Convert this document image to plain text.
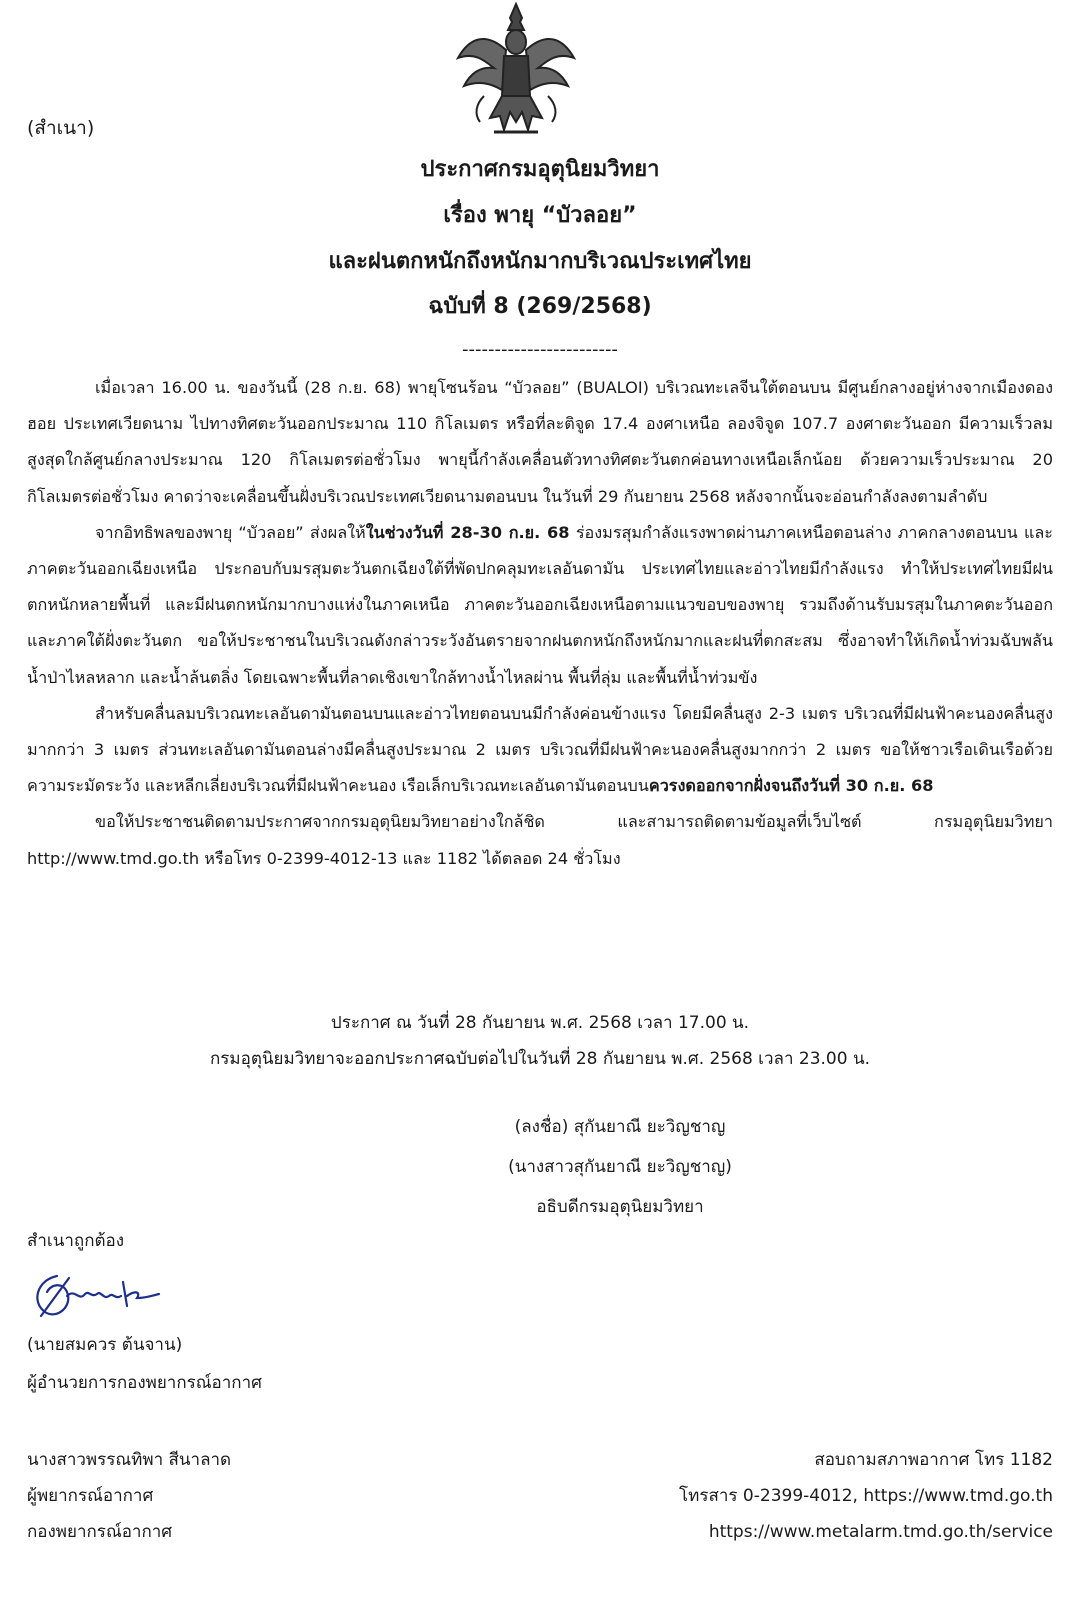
(สำเนา)
ประกาศกรมอุตุนิยมวิทยา
เรื่อง พายุ “บัวลอย”
และฝนตกหนักถึงหนักมากบริเวณประเทศไทย
ฉบับที่ 8 (269/2568)
------------------------

เมื่อเวลา 16.00 น. ของวันนี้ (28 ก.ย. 68) พายุโซนร้อน “บัวลอย” (BUALOI) บริเวณทะเลจีนใต้ตอนบน มีศูนย์กลางอยู่ห่างจากเมืองดองฮอย ประเทศเวียดนาม ไปทางทิศตะวันออกประมาณ 110 กิโลเมตร หรือที่ละติจูด 17.4 องศาเหนือ ลองจิจูด 107.7 องศาตะวันออก มีความเร็วลมสูงสุดใกล้ศูนย์กลางประมาณ 120 กิโลเมตรต่อชั่วโมง พายุนี้กำลังเคลื่อนตัวทางทิศตะวันตกค่อนทางเหนือเล็กน้อย ด้วยความเร็วประมาณ 20 กิโลเมตรต่อชั่วโมง คาดว่าจะเคลื่อนขึ้นฝั่งบริเวณประเทศเวียดนามตอนบน ในวันที่ 29 กันยายน 2568 หลังจากนั้นจะอ่อนกำลังลงตามลำดับ

จากอิทธิพลของพายุ “บัวลอย” ส่งผลให้ในช่วงวันที่ 28-30 ก.ย. 68 ร่องมรสุมกำลังแรงพาดผ่านภาคเหนือตอนล่าง ภาคกลางตอนบน และภาคตะวันออกเฉียงเหนือ ประกอบกับมรสุมตะวันตกเฉียงใต้ที่พัดปกคลุมทะเลอันดามัน ประเทศไทยและอ่าวไทยมีกำลังแรง ทำให้ประเทศไทยมีฝนตกหนักหลายพื้นที่ และมีฝนตกหนักมากบางแห่งในภาคเหนือ ภาคตะวันออกเฉียงเหนือตามแนวขอบของพายุ รวมถึงด้านรับมรสุมในภาคตะวันออกและภาคใต้ฝั่งตะวันตก ขอให้ประชาชนในบริเวณดังกล่าวระวังอันตรายจากฝนตกหนักถึงหนักมากและฝนที่ตกสะสม ซึ่งอาจทำให้เกิดน้ำท่วมฉับพลัน น้ำป่าไหลหลาก และน้ำล้นตลิ่ง โดยเฉพาะพื้นที่ลาดเชิงเขาใกล้ทางน้ำไหลผ่าน พื้นที่ลุ่ม และพื้นที่น้ำท่วมขัง

สำหรับคลื่นลมบริเวณทะเลอันดามันตอนบนและอ่าวไทยตอนบนมีกำลังค่อนข้างแรง โดยมีคลื่นสูง 2-3 เมตร บริเวณที่มีฝนฟ้าคะนองคลื่นสูงมากกว่า 3 เมตร ส่วนทะเลอันดามันตอนล่างมีคลื่นสูงประมาณ 2 เมตร บริเวณที่มีฝนฟ้าคะนองคลื่นสูงมากกว่า 2 เมตร ขอให้ชาวเรือเดินเรือด้วยความระมัดระวัง และหลีกเลี่ยงบริเวณที่มีฝนฟ้าคะนอง เรือเล็กบริเวณทะเลอันดามันตอนบนควรงดออกจากฝั่งจนถึงวันที่ 30 ก.ย. 68

ขอให้ประชาชนติดตามประกาศจากกรมอุตุนิยมวิทยาอย่างใกล้ชิด และสามารถติดตามข้อมูลที่เว็บไซต์ กรมอุตุนิยมวิทยา http://www.tmd.go.th หรือโทร 0-2399-4012-13 และ 1182 ได้ตลอด 24 ชั่วโมง

ประกาศ ณ วันที่ 28 กันยายน พ.ศ. 2568 เวลา 17.00 น.
กรมอุตุนิยมวิทยาจะออกประกาศฉบับต่อไปในวันที่ 28 กันยายน พ.ศ. 2568 เวลา 23.00 น.
(ลงชื่อ) สุกันยาณี ยะวิญชาญ
(นางสาวสุกันยาณี ยะวิญชาญ)
อธิบดีกรมอุตุนิยมวิทยา
สำเนาถูกต้อง
(นายสมควร ต้นจาน)
ผู้อำนวยการกองพยากรณ์อากาศ
นางสาวพรรณทิพา สีนาลาด
ผู้พยากรณ์อากาศ
กองพยากรณ์อากาศ
สอบถามสภาพอากาศ โทร 1182
โทรสาร 0-2399-4012, https://www.tmd.go.th
https://www.metalarm.tmd.go.th/service
